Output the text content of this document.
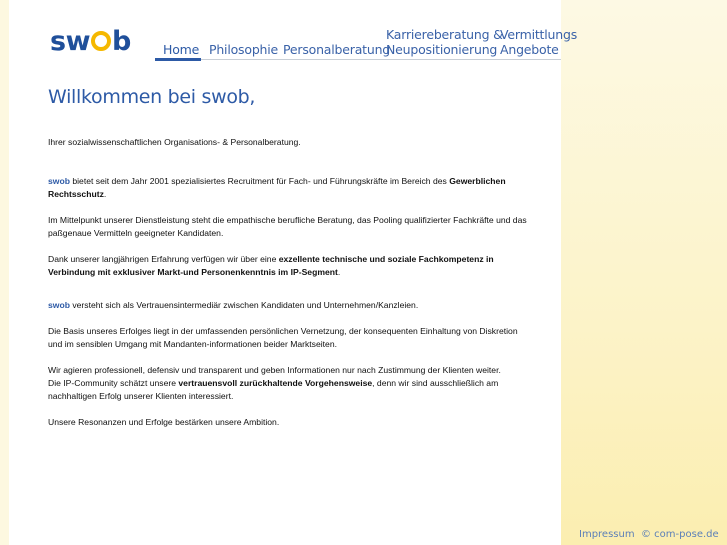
sw b	Home Philosophie Personalberatung
Karriereberatung &
Neupositionierung
Vermittlungs
Angebote
Willkommen bei swob,

Ihrer sozialwissenschaftlichen Organisations- & Personalberatung.

swob bietet seit dem Jahr 2001 spezialisiertes Recruitment für Fach- und Führungskräfte im Bereich des Gewerblichen Rechtsschutz.

Im Mittelpunkt unserer Dienstleistung steht die empathische berufliche Beratung, das Pooling qualifizierter Fachkräfte und das paßgenaue Vermitteln geeigneter Kandidaten.

Dank unserer langjährigen Erfahrung verfügen wir über eine exzellente technische und soziale Fachkompetenz in Verbindung mit exklusiver Markt-und Personenkenntnis im IP-Segment.

swob versteht sich als Vertrauensintermediär zwischen Kandidaten und Unternehmen/Kanzleien.

Die Basis unseres Erfolges liegt in der umfassenden persönlichen Vernetzung, der konsequenten Einhaltung von Diskretion und im sensiblen Umgang mit Mandanten-informationen beider Marktseiten.

Wir agieren professionell, defensiv und transparent und geben Informationen nur nach Zustimmung der Klienten weiter.

Die IP-Community schätzt unsere vertrauensvoll zurückhaltende Vorgehensweise, denn wir sind ausschließlich am nachhaltigen Erfolg unserer Klienten interessiert.

Unsere Resonanzen und Erfolge bestärken unsere Ambition.

Impressum © com-pose.de
